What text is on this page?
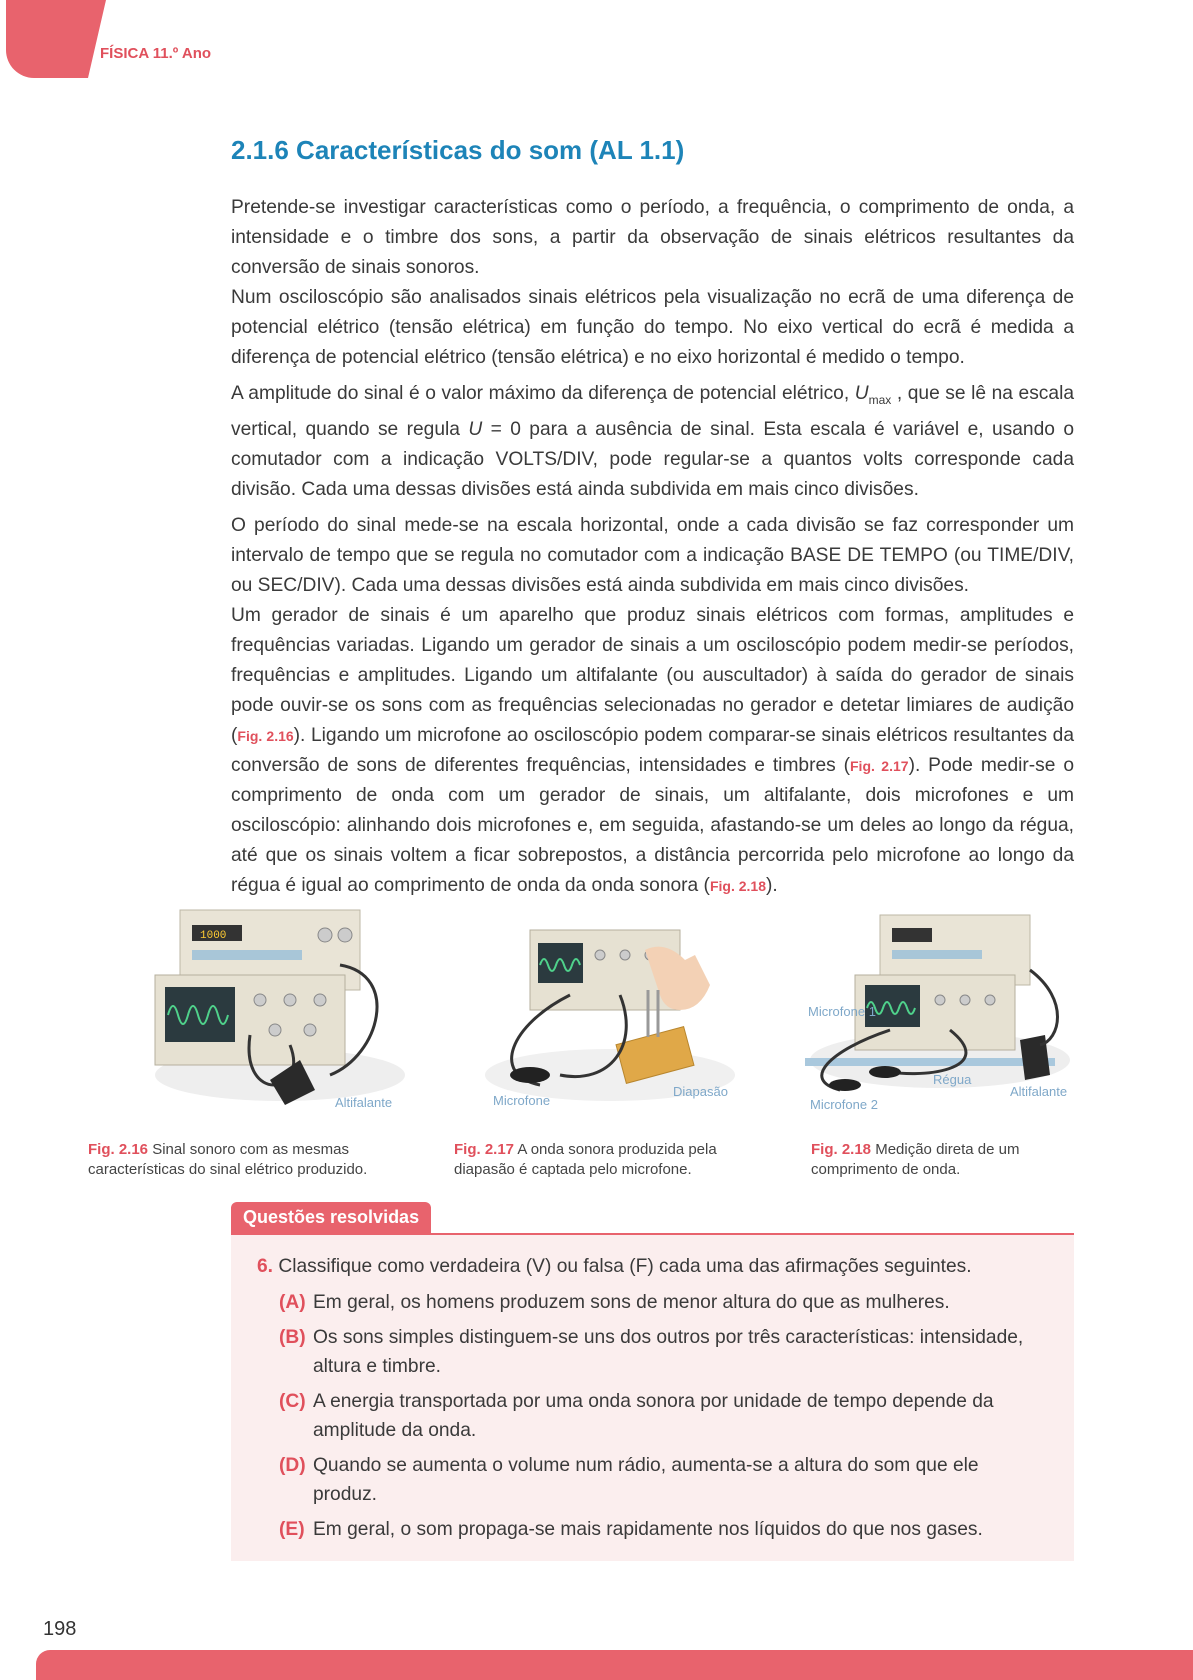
FÍSICA 11.º Ano
2.1.6 Características do som (AL 1.1)

Pretende-se investigar características como o período, a frequência, o comprimento de onda, a intensidade e o timbre dos sons, a partir da observação de sinais elétricos resultantes da conversão de sinais sonoros.

Num osciloscópio são analisados sinais elétricos pela visualização no ecrã de uma diferença de potencial elétrico (tensão elétrica) em função do tempo. No eixo vertical do ecrã é medida a diferença de potencial elétrico (tensão elétrica) e no eixo horizontal é medido o tempo.

A amplitude do sinal é o valor máximo da diferença de potencial elétrico, $U_{max}$ , que se lê na escala vertical, quando se regula U = 0 para a ausência de sinal. Esta escala é variável e, usando o comutador com a indicação VOLTS/DIV, pode regular-se a quantos volts corresponde cada divisão. Cada uma dessas divisões está ainda subdivida em mais cinco divisões.

O período do sinal mede-se na escala horizontal, onde a cada divisão se faz corresponder um intervalo de tempo que se regula no comutador com a indicação BASE DE TEMPO (ou TIME/DIV, ou SEC/DIV). Cada uma dessas divisões está ainda subdivida em mais cinco divisões.

Um gerador de sinais é um aparelho que produz sinais elétricos com formas, amplitudes e frequências variadas. Ligando um gerador de sinais a um osciloscópio podem medir-se períodos, frequências e amplitudes. Ligando um altifalante (ou auscultador) à saída do gerador de sinais pode ouvir-se os sons com as frequências selecionadas no gerador e detetar limiares de audição (Fig. 2.16). Ligando um microfone ao osciloscópio podem comparar-se sinais elétricos resultantes da conversão de sons de diferentes frequências, intensidades e timbres (Fig. 2.17). Pode medir-se o comprimento de onda com um gerador de sinais, um altifalante, dois microfones e um osciloscópio: alinhando dois microfones e, em seguida, afastando-se um deles ao longo da régua, até que os sinais voltem a ficar sobrepostos, a distância percorrida pelo microfone ao longo da régua é igual ao comprimento de onda da onda sonora (Fig. 2.18).

1000
Altifalante	Microfone
Diapasão
Microfone 1
Régua
Altifalante
Microfone 2
Fig. 2.16 Sinal sonoro com as mesmas características do sinal elétrico produzido.
Fig. 2.17 A onda sonora produzida pela diapasão é captada pelo microfone.
Fig. 2.18 Medição direta de um comprimento de onda.
Questões resolvidas
6. Classifique como verdadeira (V) ou falsa (F) cada uma das afirmações seguintes.
(A) Em geral, os homens produzem sons de menor altura do que as mulheres.
(B) Os sons simples distinguem-se uns dos outros por três características: intensidade, altura e timbre.
(C) A energia transportada por uma onda sonora por unidade de tempo depende da amplitude da onda.
(D) Quando se aumenta o volume num rádio, aumenta-se a altura do som que ele produz.
(E) Em geral, o som propaga-se mais rapidamente nos líquidos do que nos gases.
198
